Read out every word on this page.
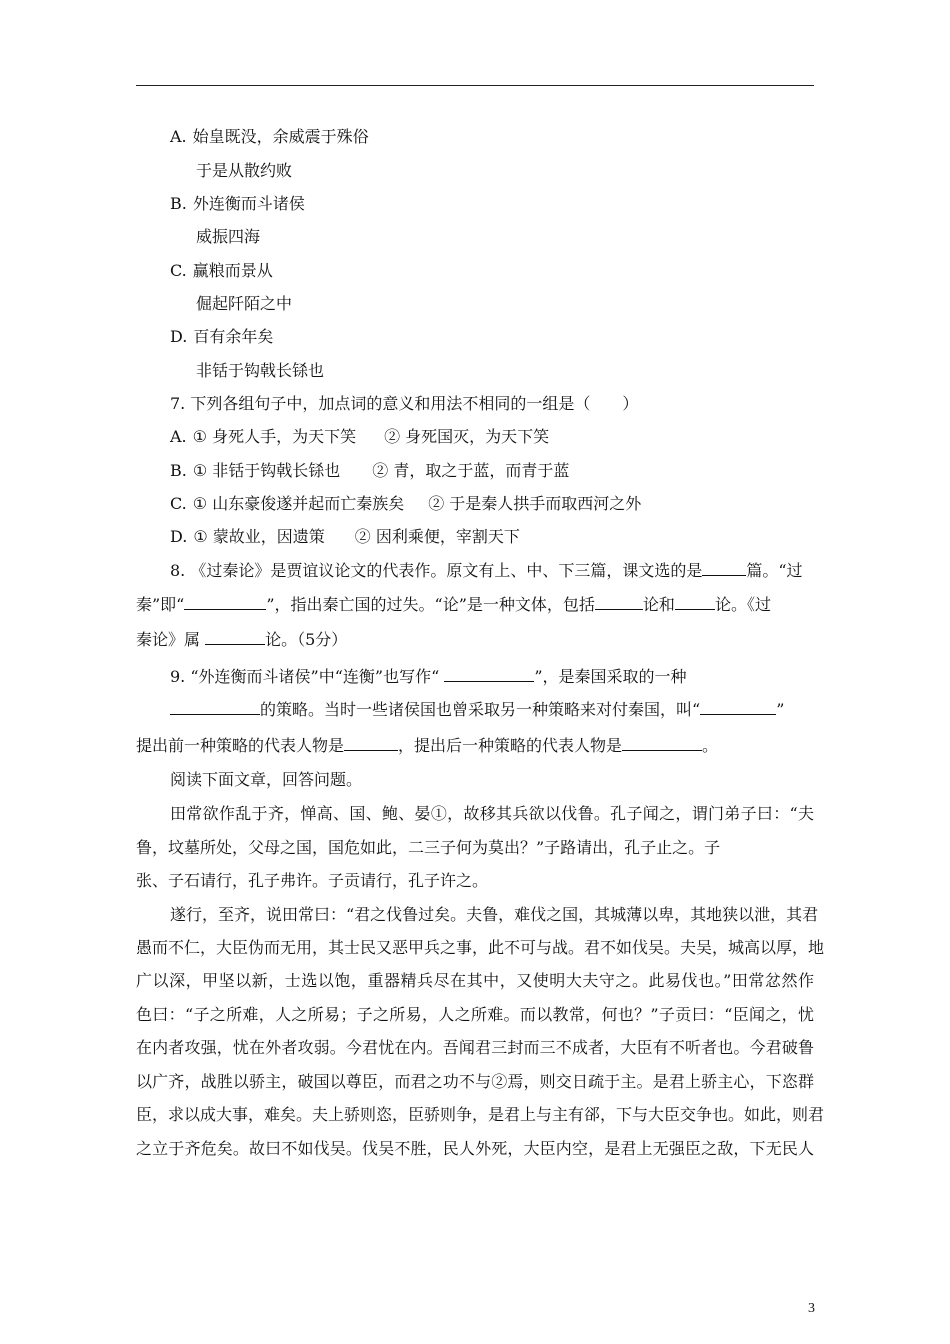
A. 始皇既没，余威震于殊俗
于是从散约败
B. 外连衡而斗诸侯
威振四海
C. 赢粮而景从
倔起阡陌之中
D. 百有余年矣
非铦于钩戟长铩也
7. 下列各组句子中，加点词的意义和用法不相同的一组是（　　）
A. ① 身死人手，为天下笑 ② 身死国灭，为天下笑
B. ① 非铦于钩戟长铩也 ② 青，取之于蓝，而青于蓝
C. ① 山东豪俊遂并起而亡秦族矣 ② 于是秦人拱手而取西河之外
D. ① 蒙故业，因遗策 ② 因利乘便，宰割天下
8. 《过秦论》是贾谊议论文的代表作。原文有上、中、下三篇，课文选的是	篇。“过
秦”即“	”，指出秦亡国的过失。“论”是一种文体，包括	论和	论。《过
秦论》属	论。（5分）
9. “外连衡而斗诸侯”中“连衡”也写作“	”，是秦国采取的一种
的策略。当时一些诸侯国也曾采取另一种策略来对付秦国，叫“	”
提出前一种策略的代表人物是	，提出后一种策略的代表人物是	。
阅读下面文章，回答问题。
田常欲作乱于齐，惮高、国、鲍、晏①，故移其兵欲以伐鲁。孔子闻之，谓门弟子曰：“夫
鲁，坟墓所处，父母之国，国危如此，二三子何为莫出？”子路请出，孔子止之。子
张、子石请行，孔子弗许。子贡请行，孔子许之。
遂行，至齐，说田常曰：“君之伐鲁过矣。夫鲁，难伐之国，其城薄以卑，其地狭以泄，其君
愚而不仁，大臣伪而无用，其士民又恶甲兵之事，此不可与战。君不如伐吴。夫吴，城高以厚，地
广以深，甲坚以新，士选以饱，重器精兵尽在其中，又使明大夫守之。此易伐也。”田常忿然作
色曰：“子之所难，人之所易；子之所易，人之所难。而以教常，何也？”子贡曰：“臣闻之，忧
在内者攻强，忧在外者攻弱。今君忧在内。吾闻君三封而三不成者，大臣有不听者也。今君破鲁
以广齐，战胜以骄主，破国以尊臣，而君之功不与②焉，则交日疏于主。是君上骄主心，下恣群
臣，求以成大事，难矣。夫上骄则恣，臣骄则争，是君上与主有郤，下与大臣交争也。如此，则君
之立于齐危矣。故曰不如伐吴。伐吴不胜，民人外死，大臣内空，是君上无强臣之敌，下无民人
3
